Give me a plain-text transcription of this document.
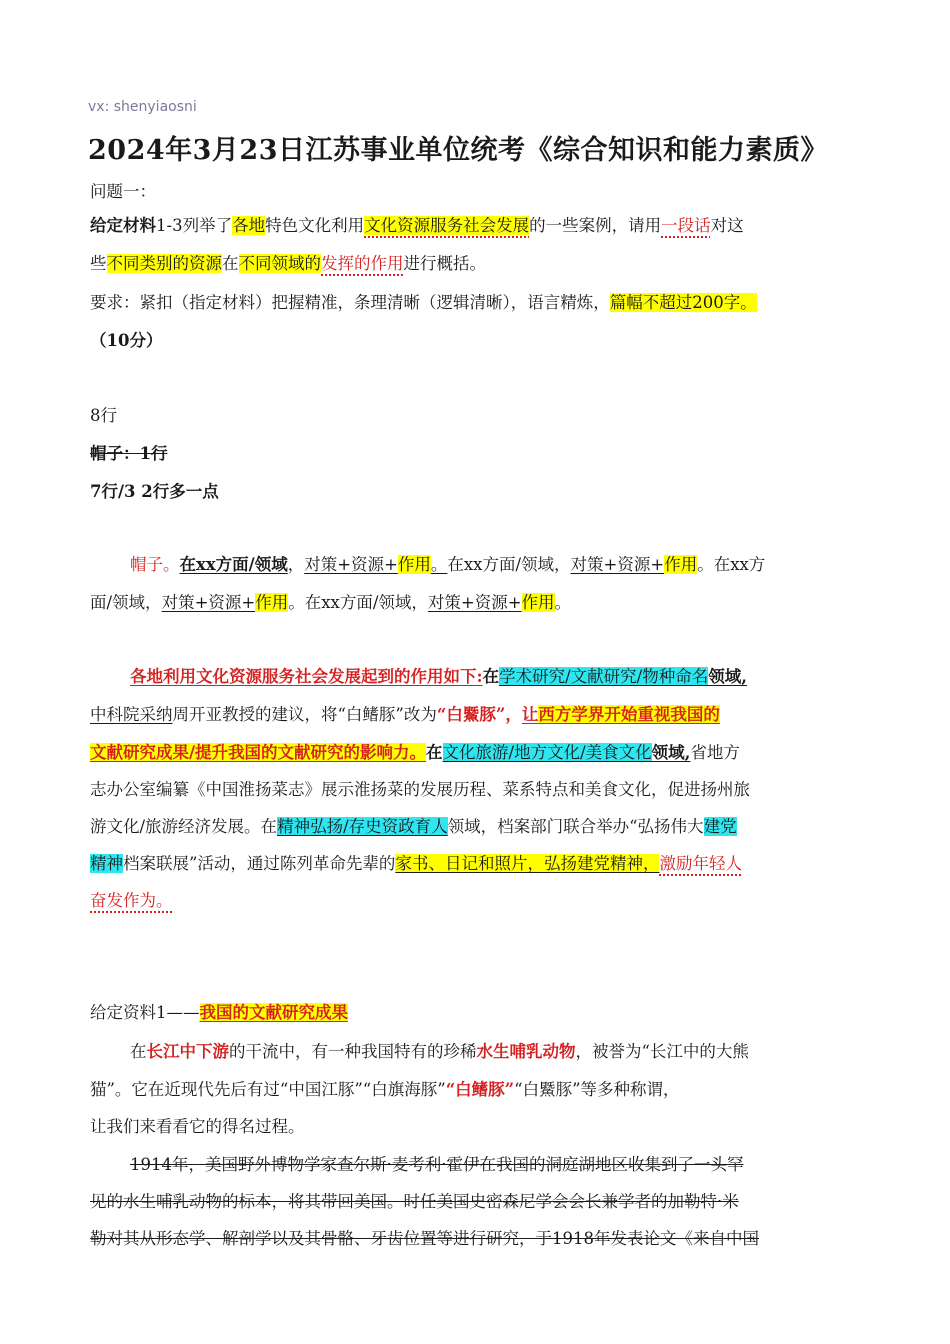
vx: shenyiaosni
2024年3月23日江苏事业单位统考《综合知识和能力素质》
问题一：
给定材料1-3列举了各地特色文化利用文化资源服务社会发展的一些案例，请用一段话对这
些不同类别的资源在不同领域的发挥的作用进行概括。
要求：紧扣（指定材料）把握精准，条理清晰（逻辑清晰），语言精炼，篇幅不超过200字。
（10分）
8行
帽子：1行
7行/3 2行多一点
帽子。在xx方面/领域，对策+资源+作用。在xx方面/领域，对策+资源+作用。在xx方
面/领域，对策+资源+作用。在xx方面/领域，对策+资源+作用。
各地利用文化资源服务社会发展起到的作用如下:在学术研究/文献研究/物种命名领域,
中科院采纳周开亚教授的建议，将“白鳍豚”改为“白鱀豚”，让西方学界开始重视我国的
文献研究成果/提升我国的文献研究的影响力。在文化旅游/地方文化/美食文化领域,省地方
志办公室编纂《中国淮扬菜志》展示淮扬菜的发展历程、菜系特点和美食文化，促进扬州旅
游文化/旅游经济发展。在精神弘扬/存史资政育人领域，档案部门联合举办“弘扬伟大建党
精神档案联展”活动，通过陈列革命先辈的家书、日记和照片，弘扬建党精神，激励年轻人
奋发作为。
给定资料1——我国的文献研究成果
在长江中下游的干流中，有一种我国特有的珍稀水生哺乳动物，被誉为“长江中的大熊
猫”。它在近现代先后有过“中国江豚”“白旗海豚”“白鳍豚”“白鱀豚”等多种称谓，
让我们来看看它的得名过程。
1914年，美国野外博物学家查尔斯·麦考利·霍伊在我国的洞庭湖地区收集到了一头罕
见的水生哺乳动物的标本，将其带回美国。时任美国史密森尼学会会长兼学者的加勒特·米
勒对其从形态学、解剖学以及其骨骼、牙齿位置等进行研究，于1918年发表论文《来自中国
